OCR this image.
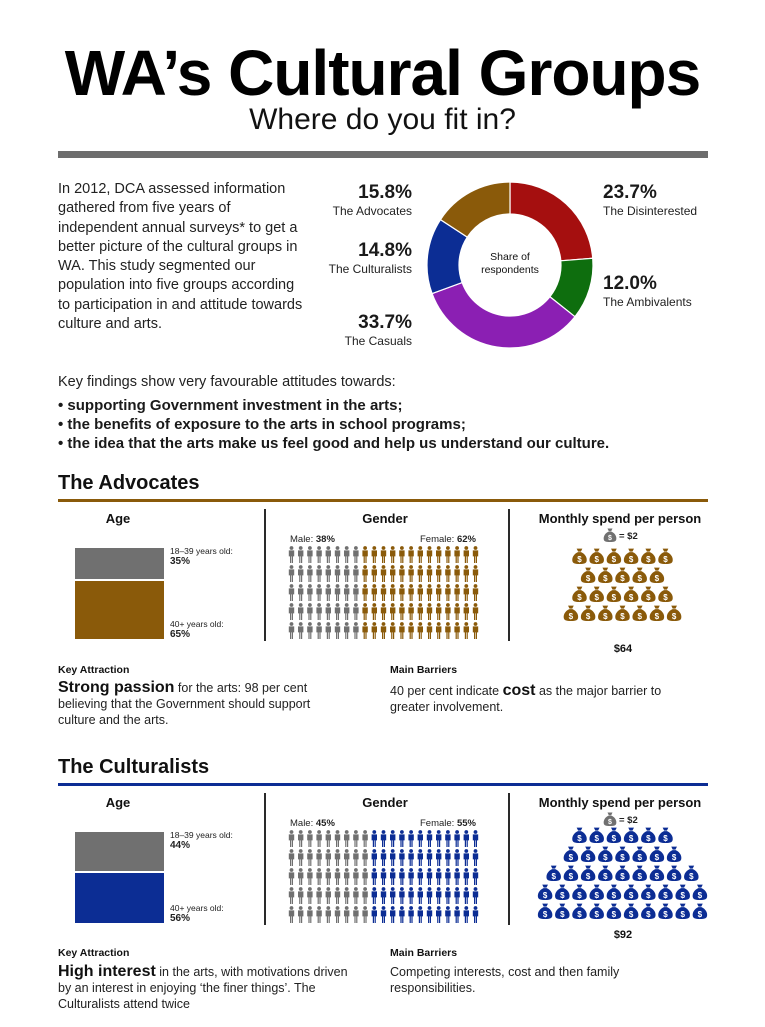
WA’s Cultural Groups
Where do you fit in?
In 2012, DCA assessed information gathered from five years of independent annual surveys* to get a better picture of the cultural groups in WA. This study segmented our population into five groups according to participation in and attitude towards culture and arts.
15.8%
The Advocates
14.8%
The Culturalists
33.7%
The Casuals
23.7%
The Disinterested
12.0%
The Ambivalents
Share of
respondents
Key findings show very favourable attitudes towards:
• supporting Government investment in the arts;
• the benefits of exposure to the arts in school programs;
• the idea that the arts make us feel good and help us understand our culture.
The Advocates
Age	Gender	Monthly spend per person
18–39 years old:
35%
40+ years old:
65%
Male: 38%	Female: 62%	$ = $2
$ $ $ $ $ $
$ $ $ $ $
$ $ $ $ $ $
$ $ $ $ $ $ $
$64
Key Attraction
Strong passion for the arts: 98 per cent believing that the Government should support culture and the arts.
Main Barriers
40 per cent indicate cost as the major barrier to greater involvement.
The Culturalists
Age	Gender	Monthly spend per person
18–39 years old:
44%
40+ years old:
56%
Male: 45%	Female: 55%	$ = $2
$ $ $ $ $ $
$ $ $ $ $ $ $
$ $ $ $ $ $ $ $ $
$ $ $ $ $ $ $ $ $ $
$ $ $ $ $ $ $ $ $ $
$92
Key Attraction
High interest in the arts, with motivations driven by an interest in enjoying ‘the finer things’. The Culturalists attend twice
Main Barriers
Competing interests, cost and then family responsibilities.
